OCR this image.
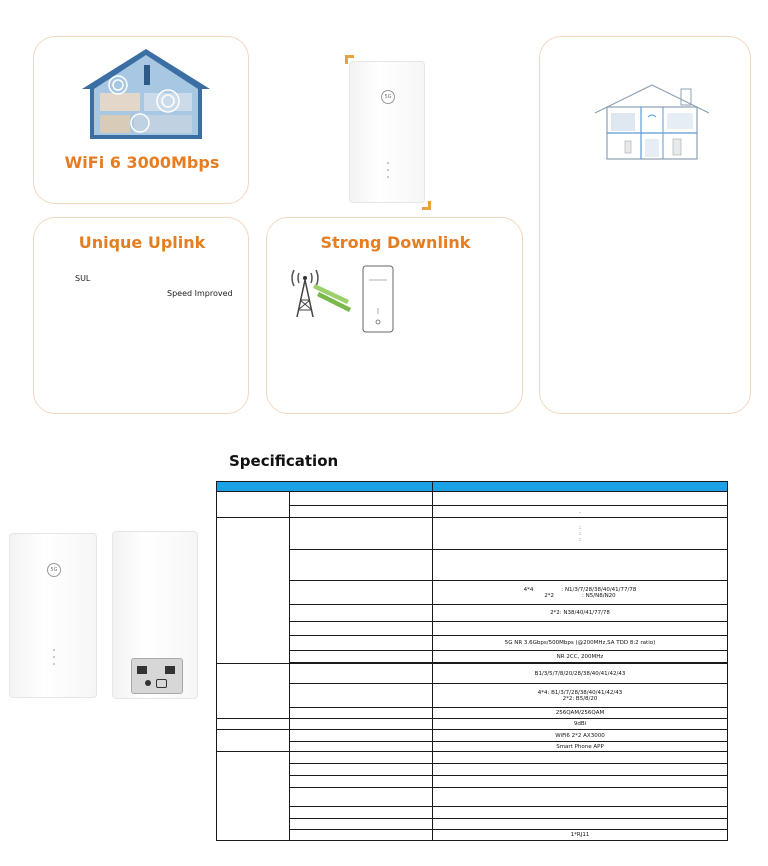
WiFi 6 3000Mbps
5G
Unique Uplink
SUL
Speed Improved
Strong Downlink
5G
Specification

		.
		:
:
:

		4*4                : N1/3/7/28/38/40/41/77/78
2*2                : N5/N8/N20
		2*2: N38/40/41/77/78

		5G NR 3.6Gbps/500Mbps (@200MHz,SA TDD 8:2 ratio)
		NR 2CC, 200MHz

		B1/3/5/7/8/20/28/38/40/41/42/43
		4*4: B1/3/7/28/38/40/41/42/43
2*2: B5/8/20
		256QAM/256QAM
		9dBi
		WiFi6 2*2 AX3000
		Smart Phone APP

		1*RJ11
